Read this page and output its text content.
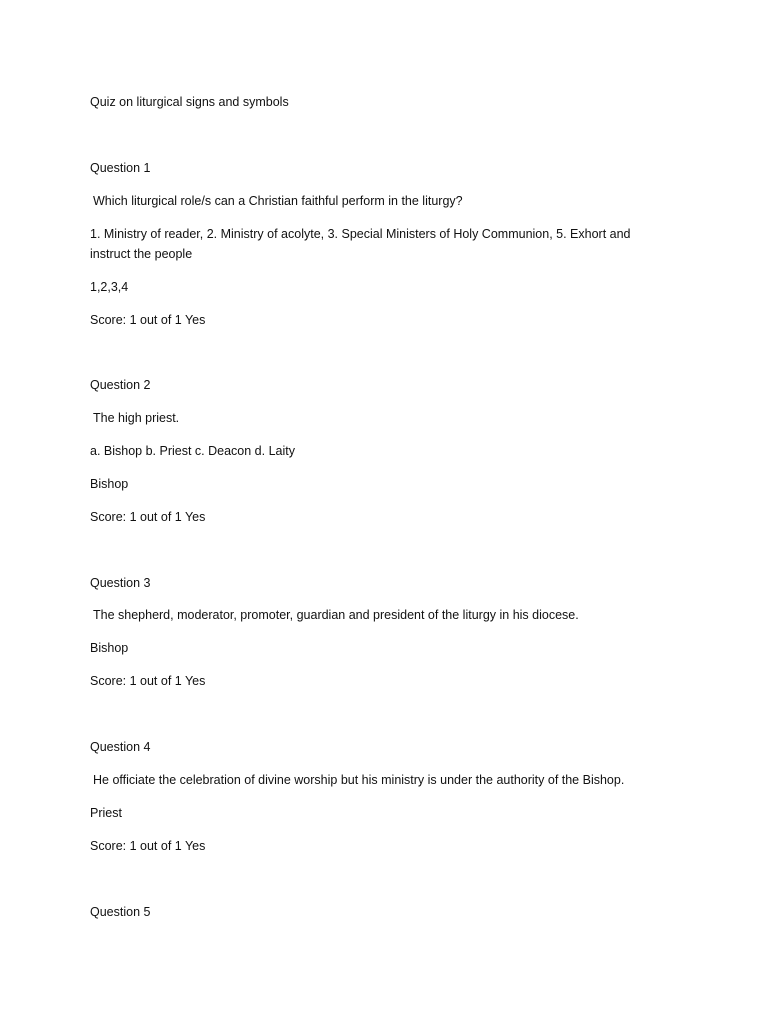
Quiz on liturgical signs and symbols
Question 1
Which liturgical role/s can a Christian faithful perform in the liturgy?
1. Ministry of reader, 2. Ministry of acolyte, 3. Special Ministers of Holy Communion, 5. Exhort and instruct the people
1,2,3,4
Score: 1 out of 1 Yes
Question 2
The high priest.
a. Bishop b. Priest c. Deacon d. Laity
Bishop
Score: 1 out of 1 Yes
Question 3
The shepherd, moderator, promoter, guardian and president of the liturgy in his diocese.
Bishop
Score: 1 out of 1 Yes
Question 4
He officiate the celebration of divine worship but his ministry is under the authority of the Bishop.
Priest
Score: 1 out of 1 Yes
Question 5
